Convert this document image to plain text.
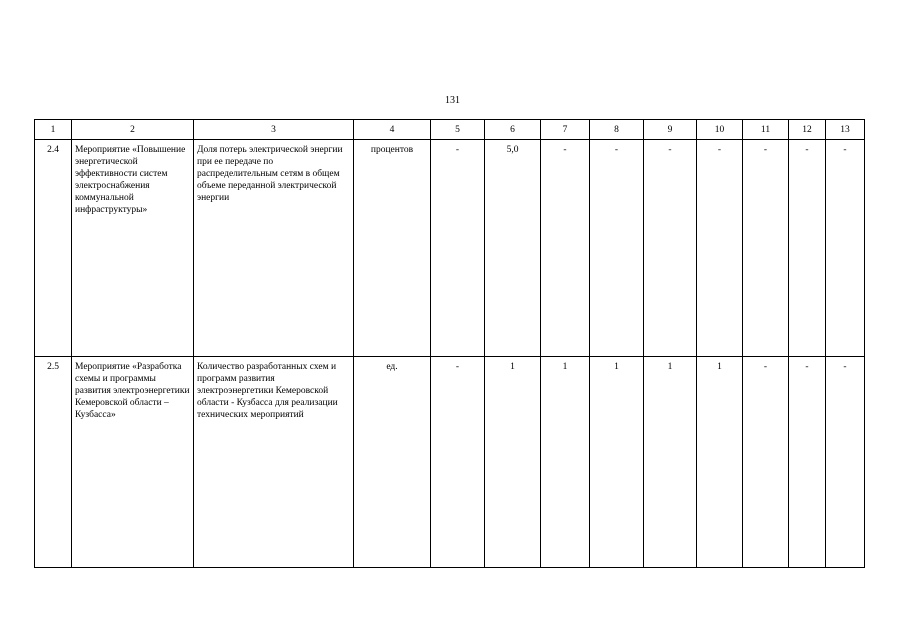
131
1	2	3	4	5	6	7	8	9	10	11	12	13
2.4	Мероприятие «Повышение энергетической эффективности систем электроснабжения коммунальной инфраструктуры»	Доля потерь электрической энергии при ее передаче по распределительным сетям в общем объеме переданной электрической энергии	процентов	-	5,0	-	-	-	-	-	-	-
2.5	Мероприятие «Разработка схемы и программы развития электроэнергетики Кемеровской области – Кузбасса»	Количество разработанных схем и программ развития электроэнергетики Кемеровской области - Кузбасса для реализации технических мероприятий	ед.	-	1	1	1	1	1	-	-	-
